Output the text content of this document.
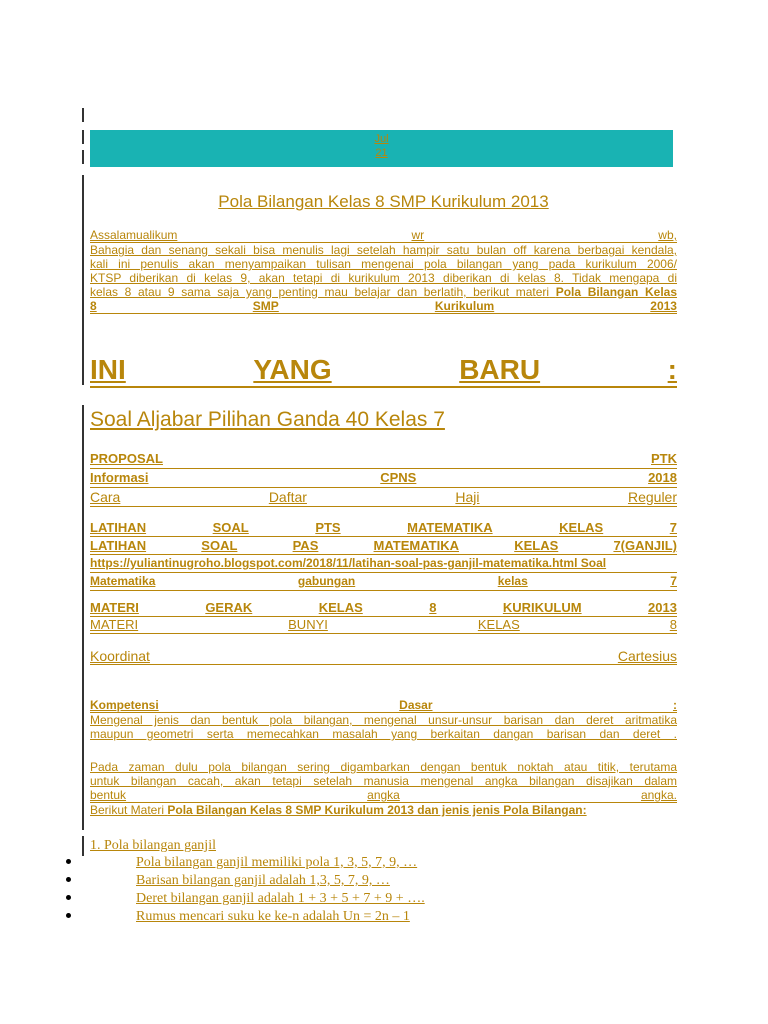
Jul
21
Pola Bilangan Kelas 8 SMP Kurikulum 2013
Assalamualikum	wr	wb,
Bahagia dan senang sekali bisa menulis lagi setelah hampir satu bulan off karena berbagai kendala,
kali ini penulis akan menyampaikan tulisan mengenai pola bilangan yang pada kurikulum 2006/
KTSP diberikan di kelas 9, akan tetapi di kurikulum 2013 diberikan di kelas 8. Tidak mengapa di
kelas 8 atau 9 sama saja yang penting mau belajar dan berlatih, berikut materi Pola Bilangan Kelas
8	SMP	Kurikulum	2013
INI	YANG	BARU	:
Soal Aljabar Pilihan Ganda 40 Kelas 7
PROPOSAL	PTK
Informasi	CPNS	2018
Cara	Daftar	Haji	Reguler
LATIHAN	SOAL	PTS	MATEMATIKA	KELAS	7
LATIHAN	SOAL	PAS	MATEMATIKA	KELAS	7(GANJIL)
https://yuliantinugroho.blogspot.com/2018/11/latihan-soal-pas-ganjil-matematika.html Soal
Matematika	gabungan	kelas	7
MATERI	GERAK	KELAS	8	KURIKULUM	2013
MATERI	BUNYI	KELAS	8
Koordinat	Cartesius
Kompetensi	Dasar	:
Mengenal jenis dan bentuk pola bilangan, mengenal unsur-unsur barisan dan deret aritmatika
maupun geometri serta memecahkan masalah yang berkaitan dangan barisan dan deret .
Pada zaman dulu pola bilangan sering digambarkan dengan bentuk noktah atau titik, terutama
untuk bilangan cacah, akan tetapi setelah manusia mengenal angka bilangan disajikan dalam
bentuk	angka	angka.
Berikut Materi Pola Bilangan Kelas 8 SMP Kurikulum 2013 dan jenis jenis Pola Bilangan:
1. Pola bilangan ganjil
Pola bilangan ganjil memiliki pola 1, 3, 5, 7, 9, …
Barisan bilangan ganjil adalah 1,3, 5, 7, 9, …
Deret bilangan ganjil adalah 1 + 3 + 5 + 7 + 9 + ….
Rumus mencari suku ke ke-n adalah Un = 2n – 1
